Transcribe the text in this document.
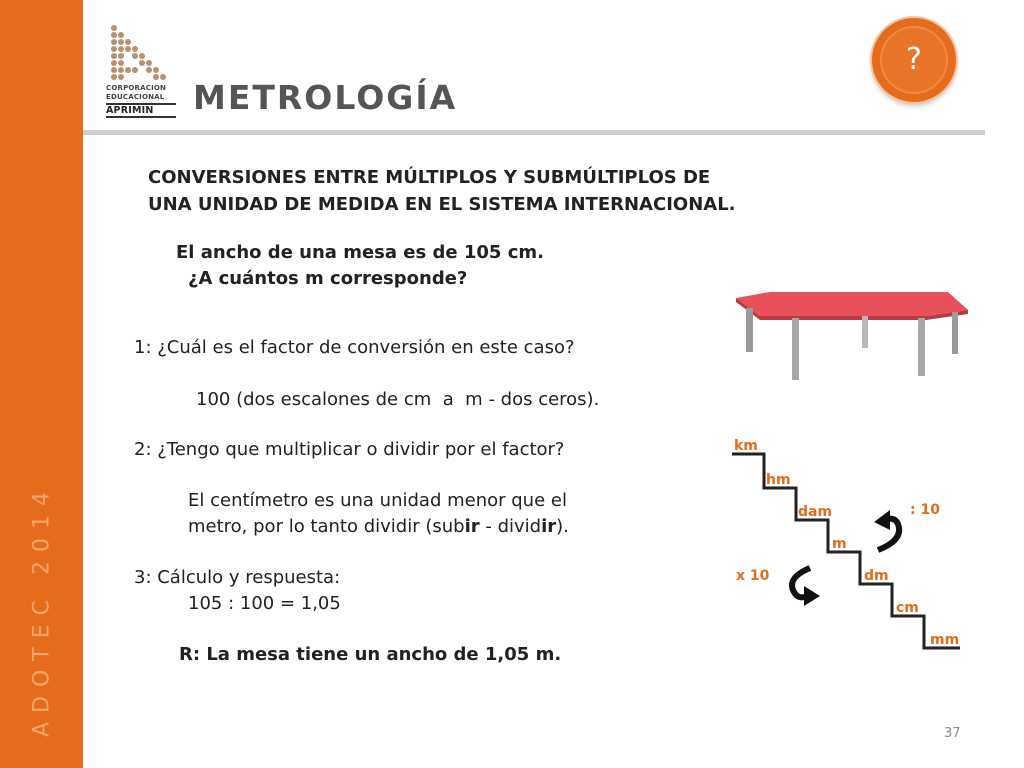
ADOTEC 2014
CORPORACION
EDUCACIONAL
APRIMIN	METROLOGÍA
?
CONVERSIONES ENTRE MÚLTIPLOS Y SUBMÚLTIPLOS DE
UNA UNIDAD DE MEDIDA EN EL SISTEMA INTERNACIONAL.
El ancho de una mesa es de 105 cm.
¿A cuántos m corresponde?
1: ¿Cuál es el factor de conversión en este caso?
100 (dos escalones de cm  a  m - dos ceros).
2: ¿Tengo que multiplicar o dividir por el factor?
El centímetro es una unidad menor que el
metro, por lo tanto dividir (subir - dividir).
3: Cálculo y respuesta:
105 : 100 = 1,05
R: La mesa tiene un ancho de 1,05 m.
km
hm
dam
m
dm
cm
mm
: 10
x 10
37
